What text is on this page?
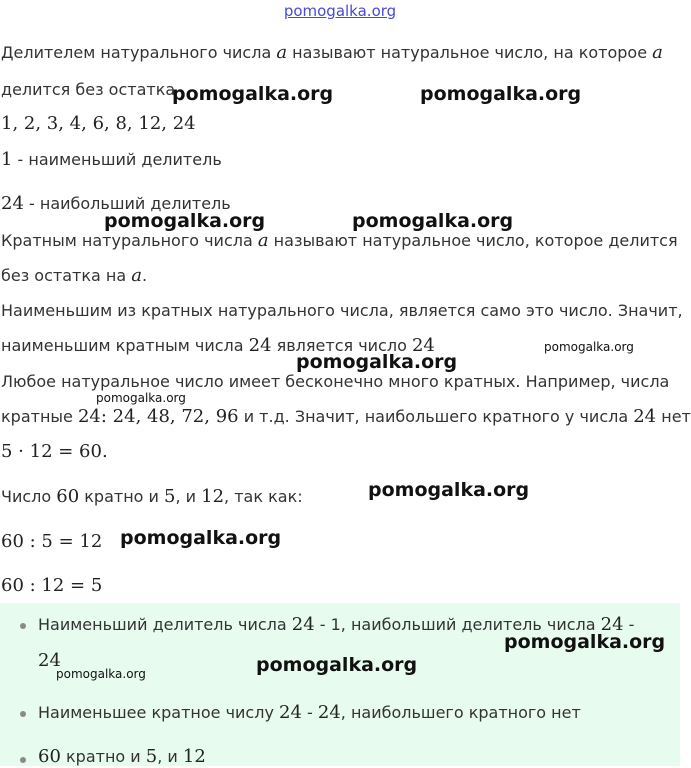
pomogalka.org
Делителем натурального числа a называют натуральное число, на которое a
делится без остатка
1, 2, 3, 4, 6, 8, 12, 24
1 - наименьший делитель
24 - наибольший делитель
Кратным натурального числа a называют натуральное число, которое делится
без остатка на a.
Наименьшим из кратных натурального числа, является само это число. Значит,
наименьшим кратным числа 24 является число 24
Любое натуральное число имеет бесконечно много кратных. Например, числа
кратные 24: 24, 48, 72, 96 и т.д. Значит, наибольшего кратного у числа 24 нет
5 · 12 = 60.
Число 60 кратно и 5, и 12, так как:
60 : 5 = 12
60 : 12 = 5
Наименьший делитель числа 24 - 1, наибольший делитель числа 24 -
24
Наименьшее кратное числу 24 - 24, наибольшего кратного нет
60 кратно и 5, и 12
pomogalka.org	pomogalka.org
pomogalka.org	pomogalka.org
pomogalka.org
pomogalka.org
pomogalka.org
pomogalka.org
pomogalka.org
pomogalka.org
pomogalka.org
pomogalka.org
